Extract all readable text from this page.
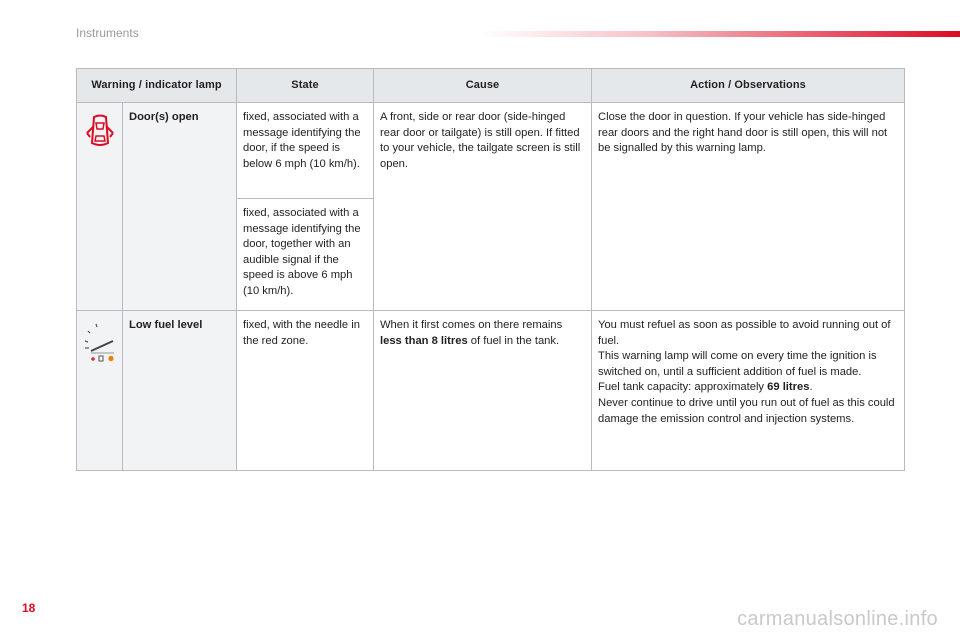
Instruments
Warning / indicator lamp		State	Cause	Action / Observations

	Door(s) open	fixed, associated with a message identifying the door, if the speed is below 6 mph (10 km/h).	A front, side or rear door (side-hinged rear door or tailgate) is still open. If fitted to your vehicle, the tailgate screen is still open.	Close the door in question. If your vehicle has side-hinged rear doors and the right hand door is still open, this will not be signalled by this warning lamp.
		fixed, associated with a message identifying the door, together with an audible signal if the speed is above 6 mph (10 km/h).		

	Low fuel level	fixed, with the needle in the red zone.	When it first comes on there remains less than 8 litres of fuel in the tank.	You must refuel as soon as possible to avoid running out of fuel.
This warning lamp will come on every time the ignition is switched on, until a sufficient addition of fuel is made.
Fuel tank capacity: approximately 69 litres.
Never continue to drive until you run out of fuel as this could damage the emission control and injection systems.
18	carmanualsonline.info
